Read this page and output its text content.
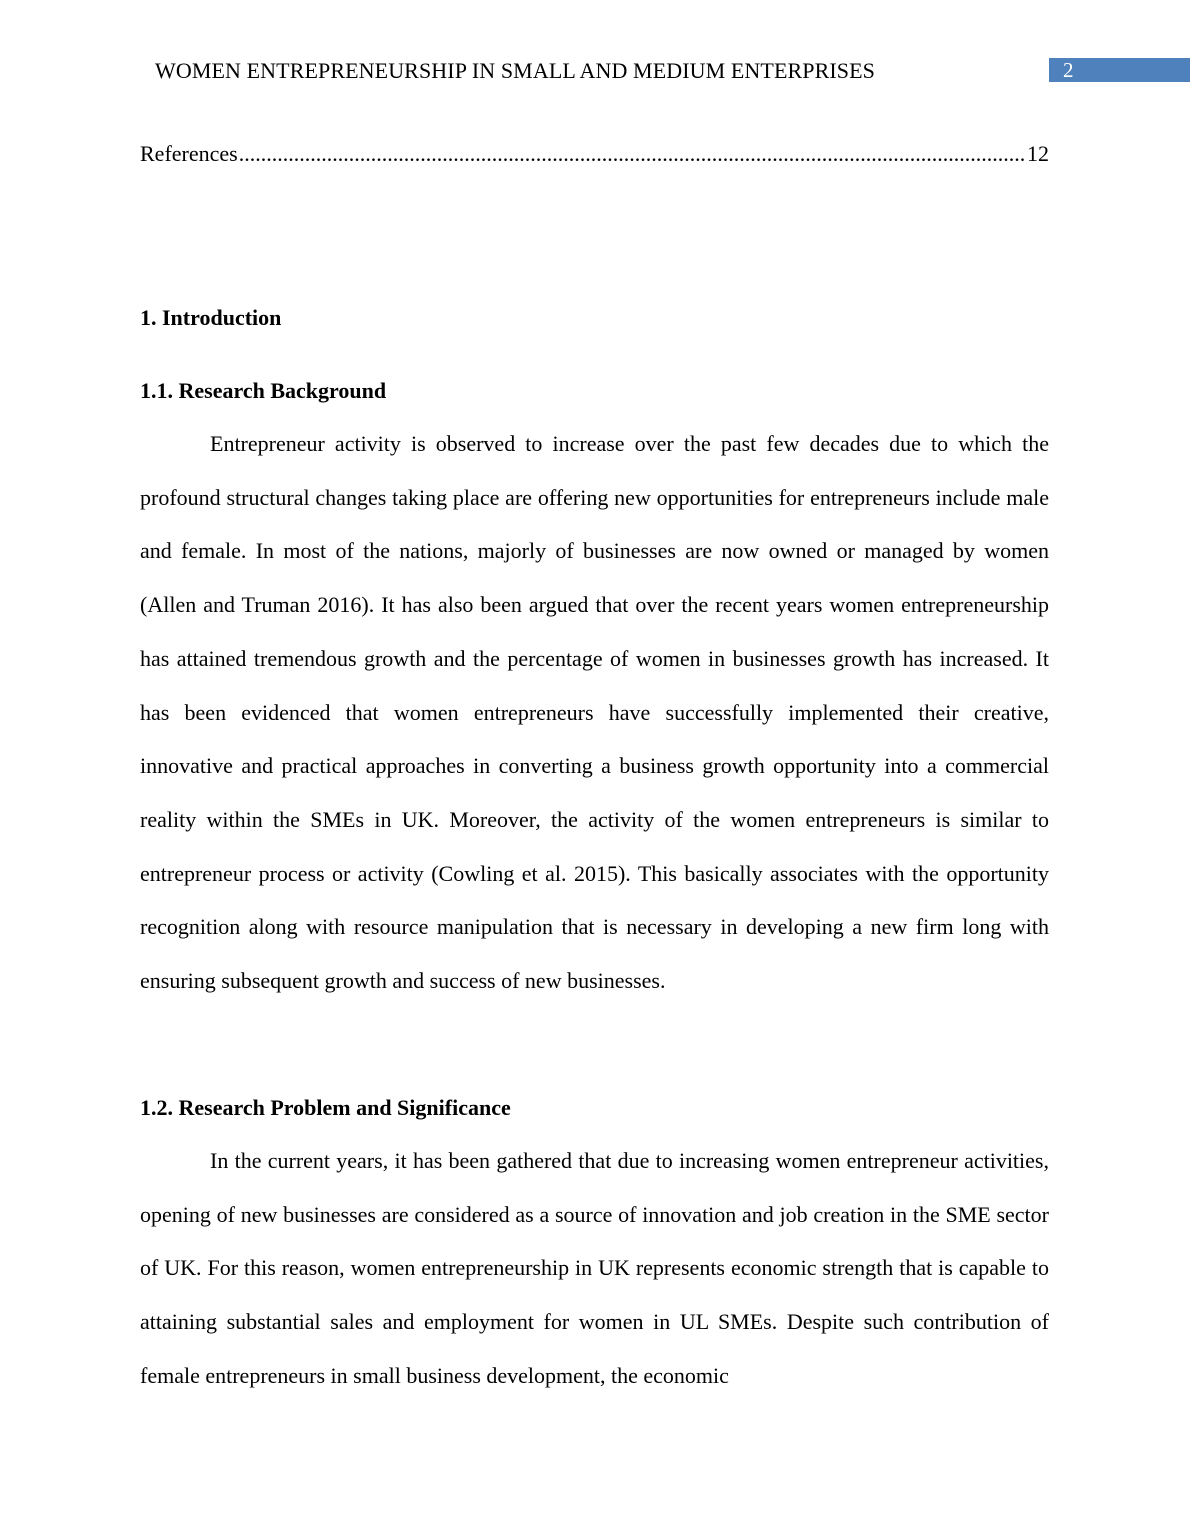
WOMEN ENTREPRENEURSHIP IN SMALL AND MEDIUM ENTERPRISES	2
References
.....	12
1. Introduction
1.1. Research Background

Entrepreneur activity is observed to increase over the past few decades due to which the profound structural changes taking place are offering new opportunities for entrepreneurs include male and female. In most of the nations, majorly of businesses are now owned or managed by women (Allen and Truman 2016). It has also been argued that over the recent years women entrepreneurship has attained tremendous growth and the percentage of women in businesses growth has increased. It has been evidenced that women entrepreneurs have successfully implemented their creative, innovative and practical approaches in converting a business growth opportunity into a commercial reality within the SMEs in UK. Moreover, the activity of the women entrepreneurs is similar to entrepreneur process or activity (Cowling et al. 2015). This basically associates with the opportunity recognition along with resource manipulation that is necessary in developing a new firm long with ensuring subsequent growth and success of new businesses.

1.2. Research Problem and Significance

In the current years, it has been gathered that due to increasing women entrepreneur activities, opening of new businesses are considered as a source of innovation and job creation in the SME sector of UK. For this reason, women entrepreneurship in UK represents economic strength that is capable to attaining substantial sales and employment for women in UL SMEs. Despite such contribution of female entrepreneurs in small business development, the economic
